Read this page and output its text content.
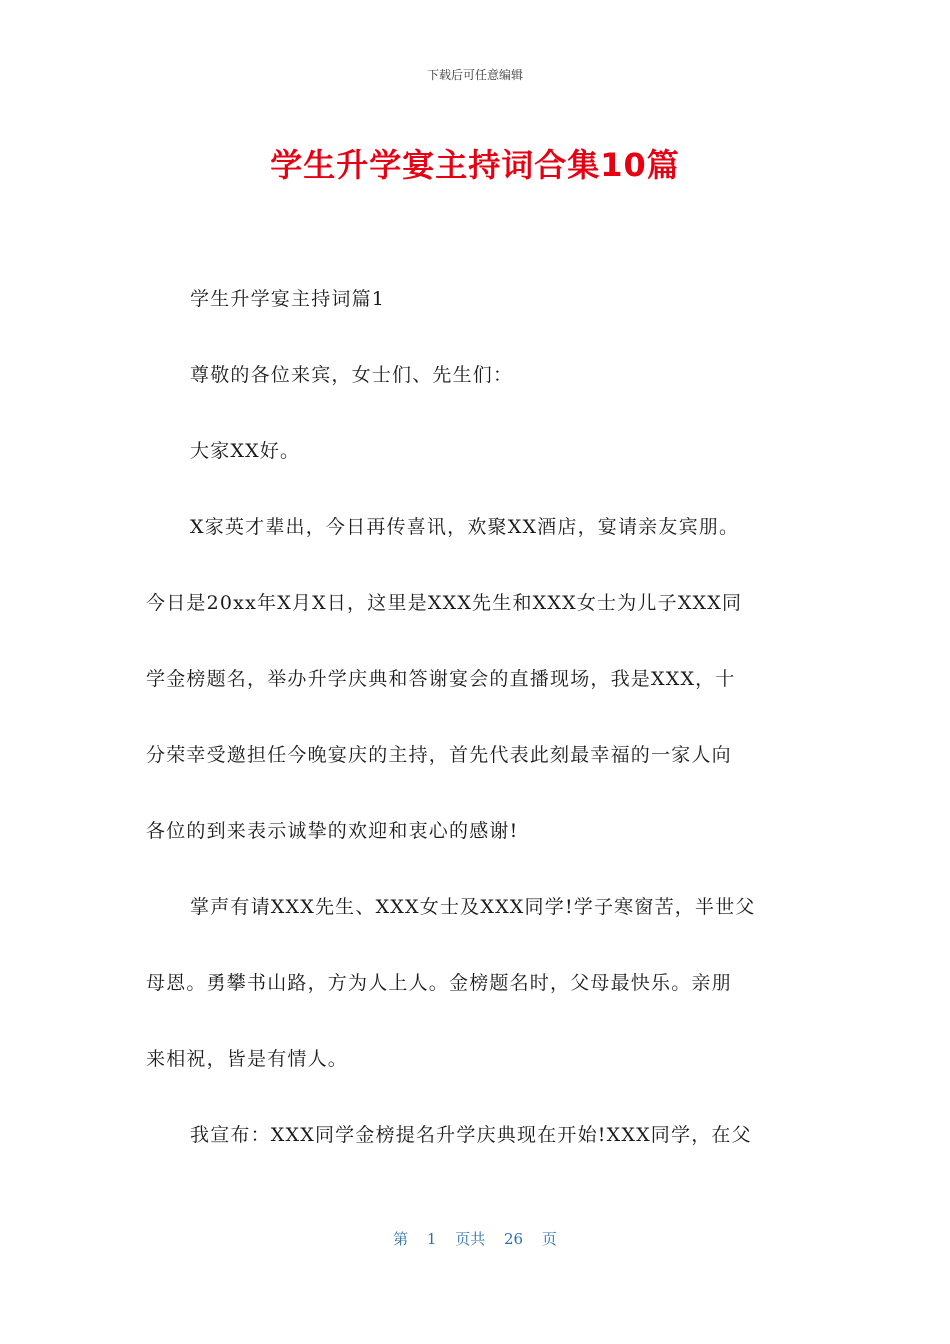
下载后可任意编辑
学生升学宴主持词合集10篇
学生升学宴主持词篇1
尊敬的各位来宾，女士们、先生们：
大家XX好。
X家英才辈出，今日再传喜讯，欢聚XX酒店，宴请亲友宾朋。
今日是20xx年X月X日，这里是XXX先生和XXX女士为儿子XXX同
学金榜题名，举办升学庆典和答谢宴会的直播现场，我是XXX，十
分荣幸受邀担任今晚宴庆的主持，首先代表此刻最幸福的一家人向
各位的到来表示诚挚的欢迎和衷心的感谢!
掌声有请XXX先生、XXX女士及XXX同学!学子寒窗苦，半世父
母恩。勇攀书山路，方为人上人。金榜题名时，父母最快乐。亲朋
来相祝，皆是有情人。
我宣布：XXX同学金榜提名升学庆典现在开始!XXX同学，在父
第 1 页共 26 页
